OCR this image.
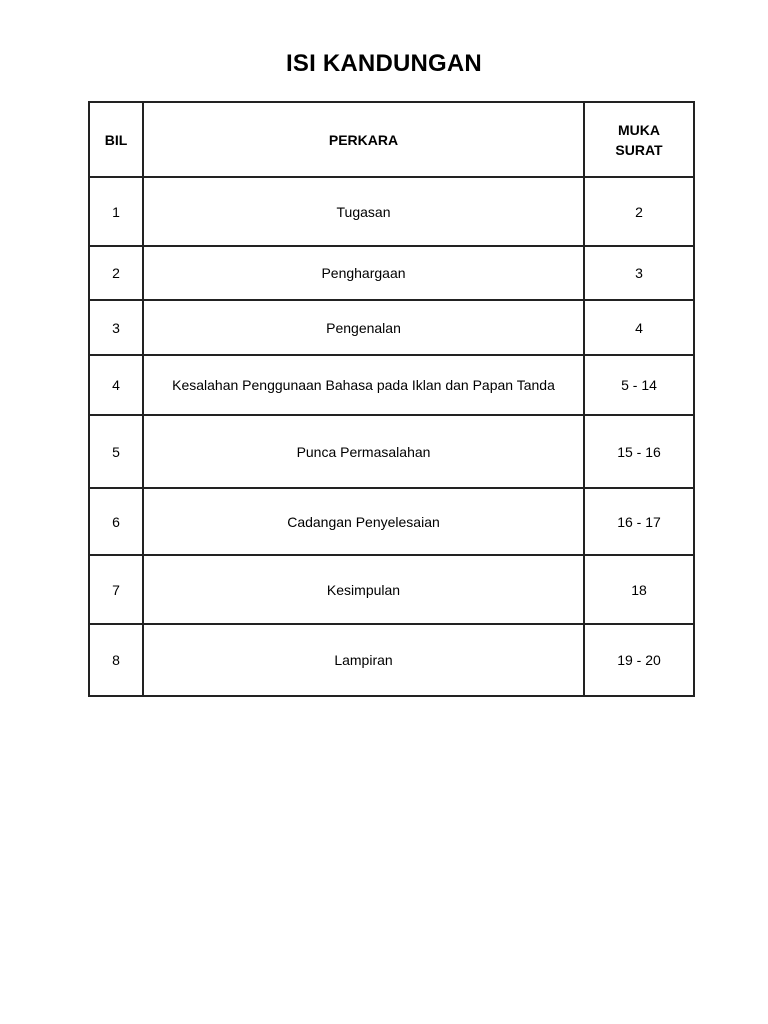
ISI KANDUNGAN
BIL	PERKARA	MUKA
SURAT

1	Tugasan	2
2	Penghargaan	3
3	Pengenalan	4
4	Kesalahan Penggunaan Bahasa pada Iklan dan Papan Tanda	5 - 14
5	Punca Permasalahan	15 - 16
6	Cadangan Penyelesaian	16 - 17
7	Kesimpulan	18
8	Lampiran	19 - 20
